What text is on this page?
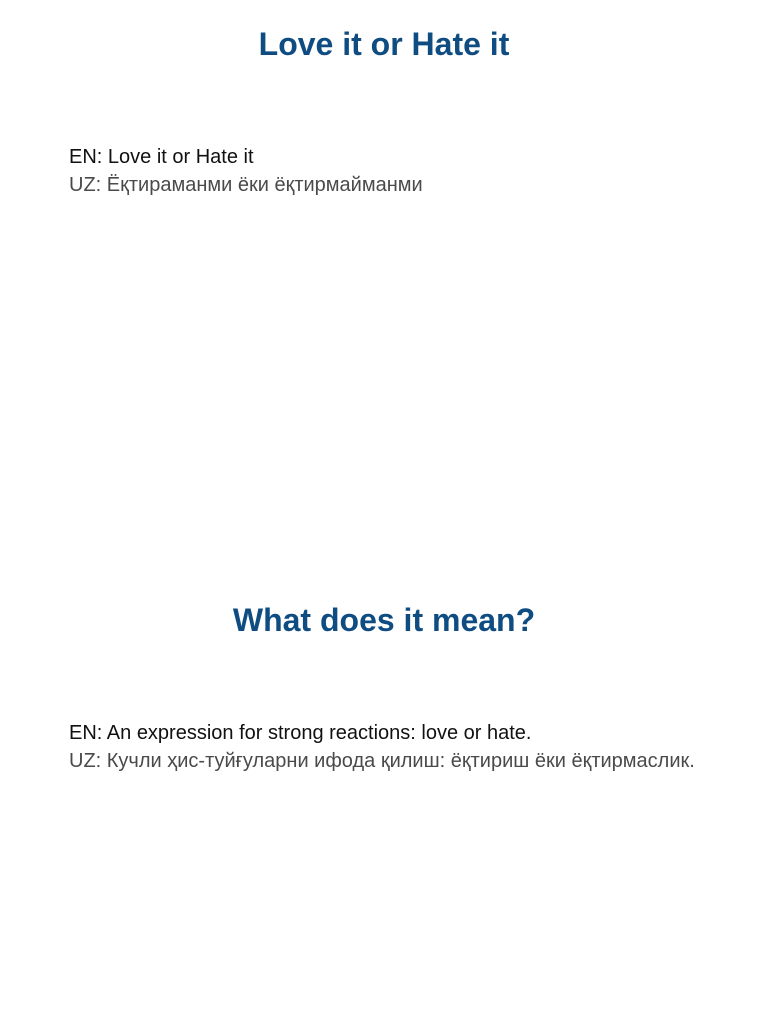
Love it or Hate it
EN: Love it or Hate it
UZ: Ёқтираманми ёки ёқтирмайманми
What does it mean?
EN: An expression for strong reactions: love or hate.
UZ: Кучли ҳис-туйғуларни ифода қилиш: ёқтириш ёки ёқтирмаслик.
